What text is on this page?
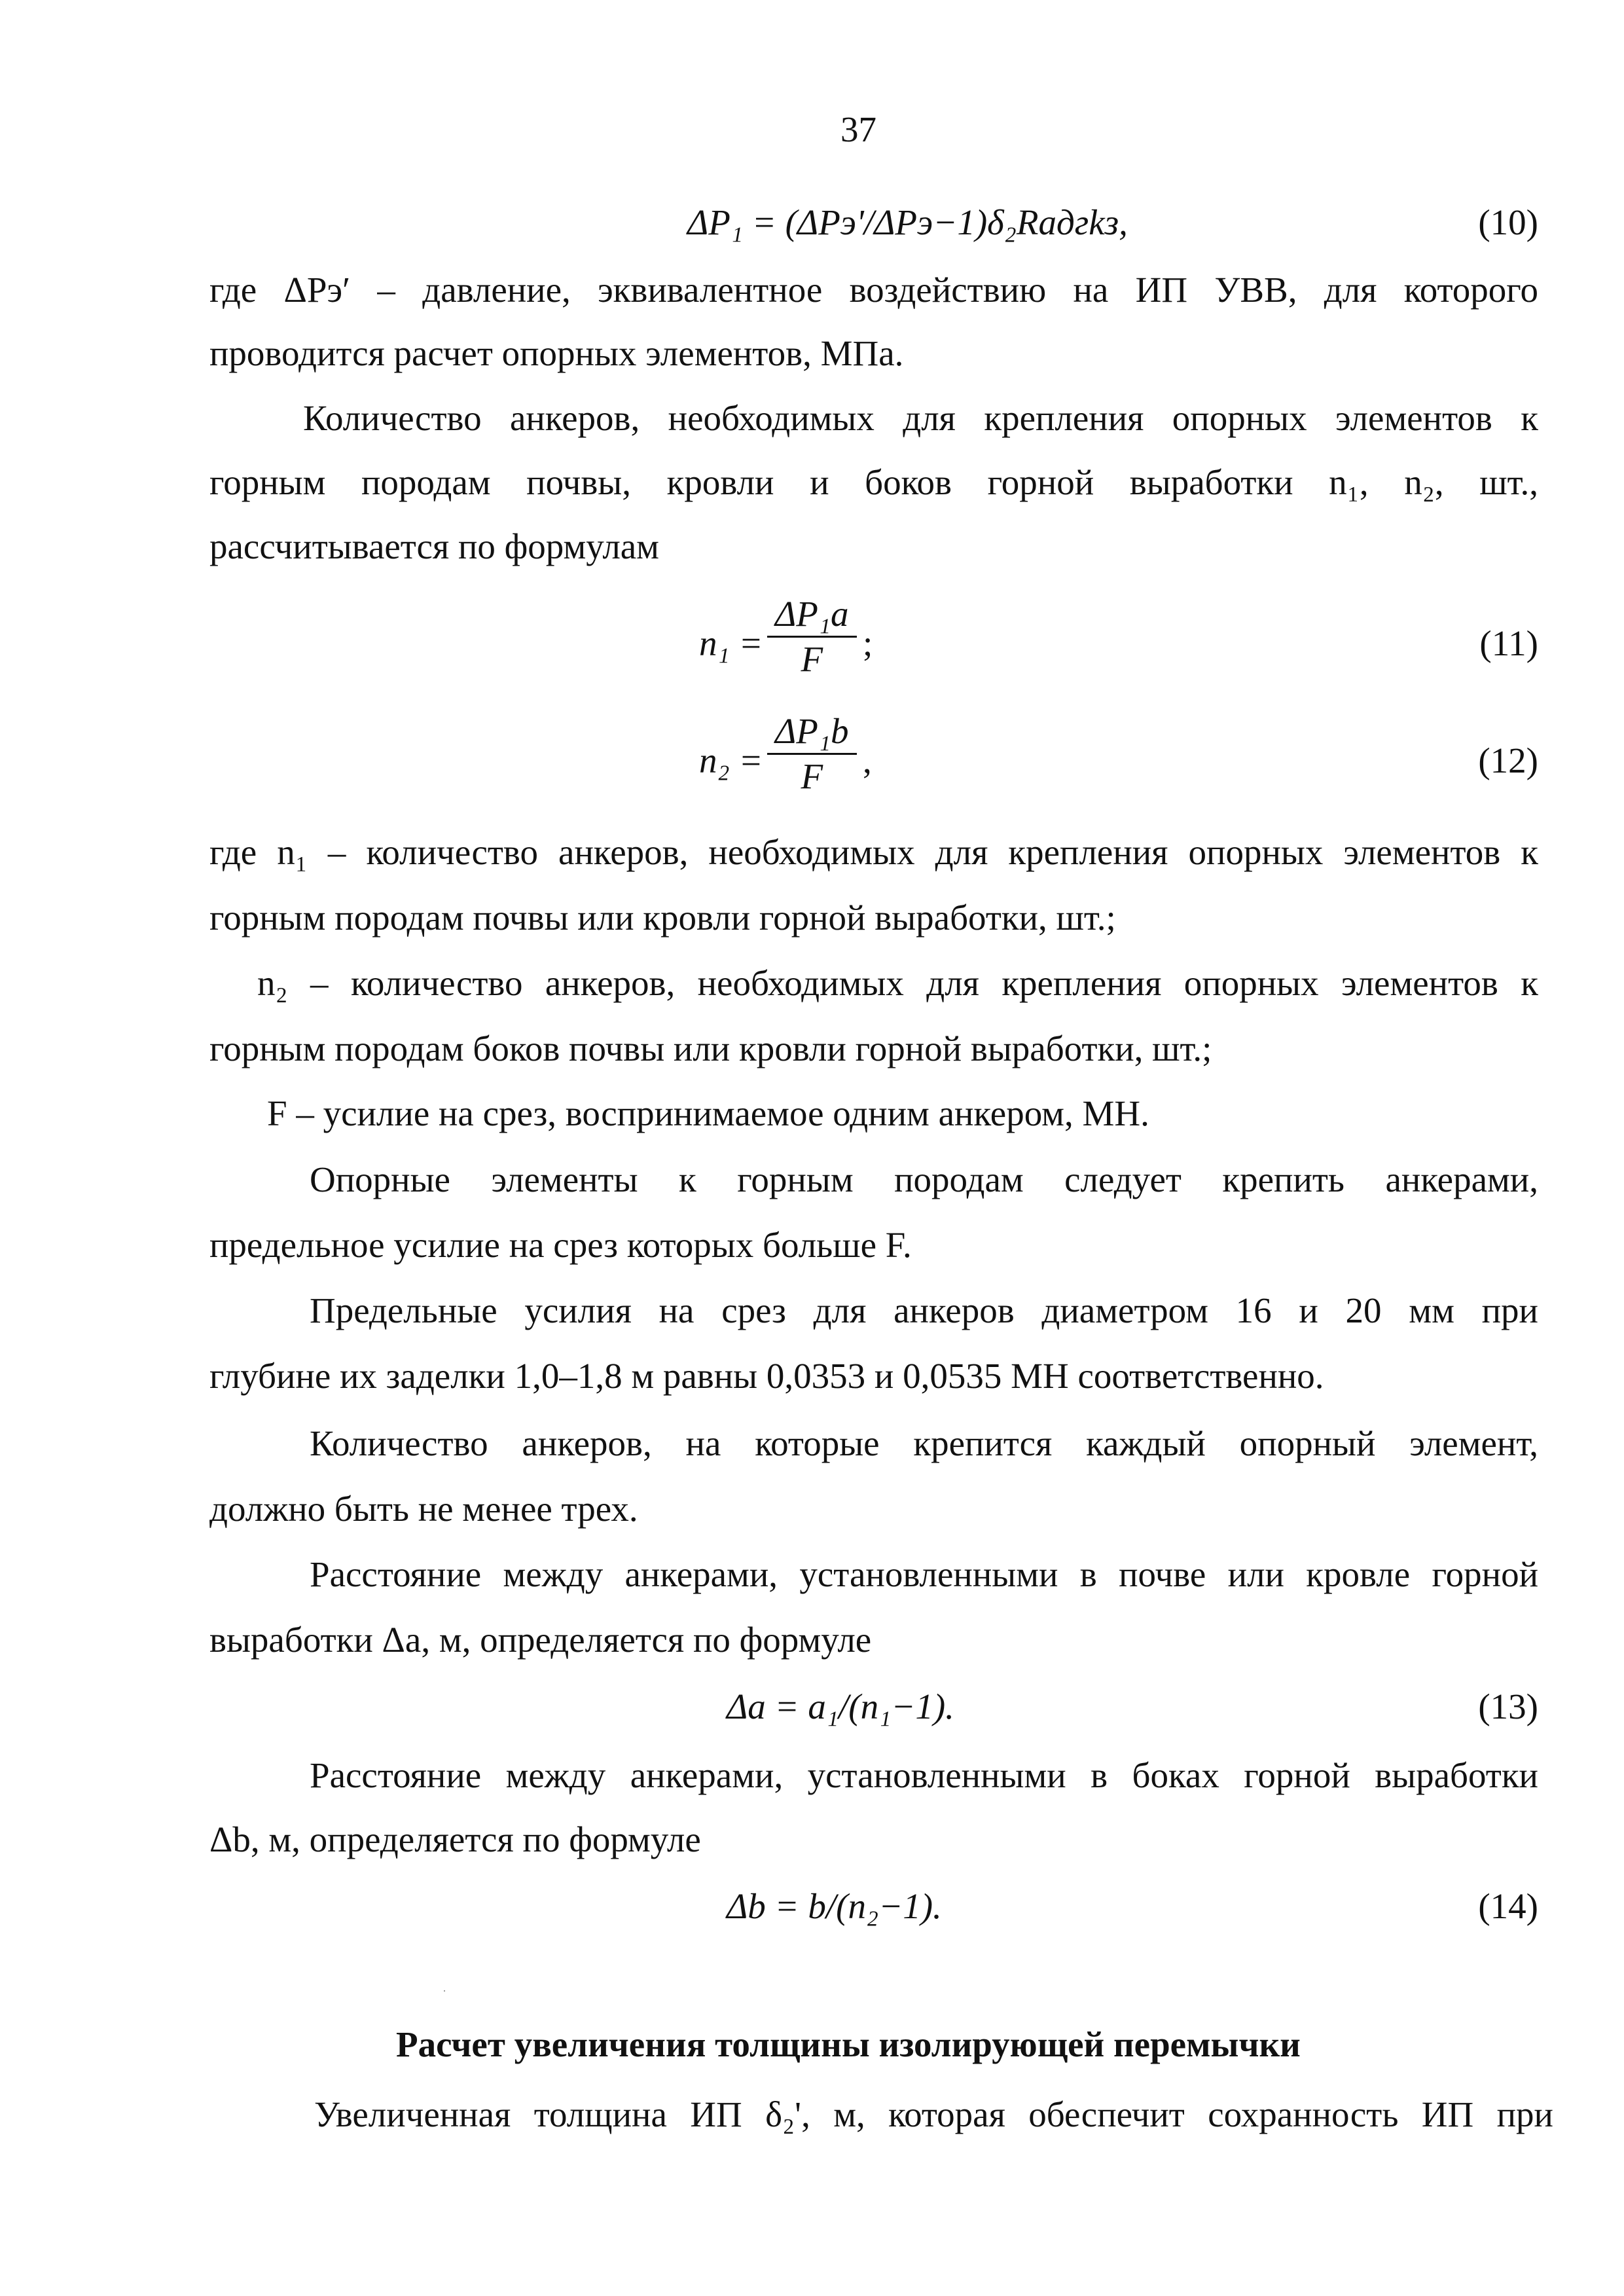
37
ΔP₁ = (ΔPэ'/ΔPэ−1)δ₂Rадгkз,	(10)
где ΔPэ′ – давление, эквивалентное воздействию на ИП УВВ, для которого
проводится расчет опорных элементов, МПа.
Количество анкеров, необходимых для крепления опорных элементов к
горным породам почвы, кровли и боков горной выработки n₁, n₂, шт.,
рассчитывается по формулам
$n_1 = \frac{\text{ΔP₁a}}{F}$ ;	(11)
$n_2 = \frac{\text{ΔP₁b}}{F}$ ,	(12)
где n₁ – количество анкеров, необходимых для крепления опорных элементов к
горным породам почвы или кровли горной выработки, шт.;
n₂ – количество анкеров, необходимых для крепления опорных элементов к
горным породам боков почвы или кровли горной выработки, шт.;
F – усилие на срез, воспринимаемое одним анкером, МН.
Опорные элементы к горным породам следует крепить анкерами,
предельное усилие на срез которых больше F.
Предельные усилия на срез для анкеров диаметром 16 и 20 мм при
глубине их заделки 1,0–1,8 м равны 0,0353 и 0,0535 МН соответственно.
Количество анкеров, на которые крепится каждый опорный элемент,
должно быть не менее трех.
Расстояние между анкерами, установленными в почве или кровле горной
выработки Δa, м, определяется по формуле
Δa = a₁/(n₁−1).	(13)
Расстояние между анкерами, установленными в боках горной выработки
Δb, м, определяется по формуле
Δb = b/(n₂−1).	(14)
Расчет увеличения толщины изолирующей перемычки
Увеличенная толщина ИП δ₂', м, которая обеспечит сохранность ИП при
